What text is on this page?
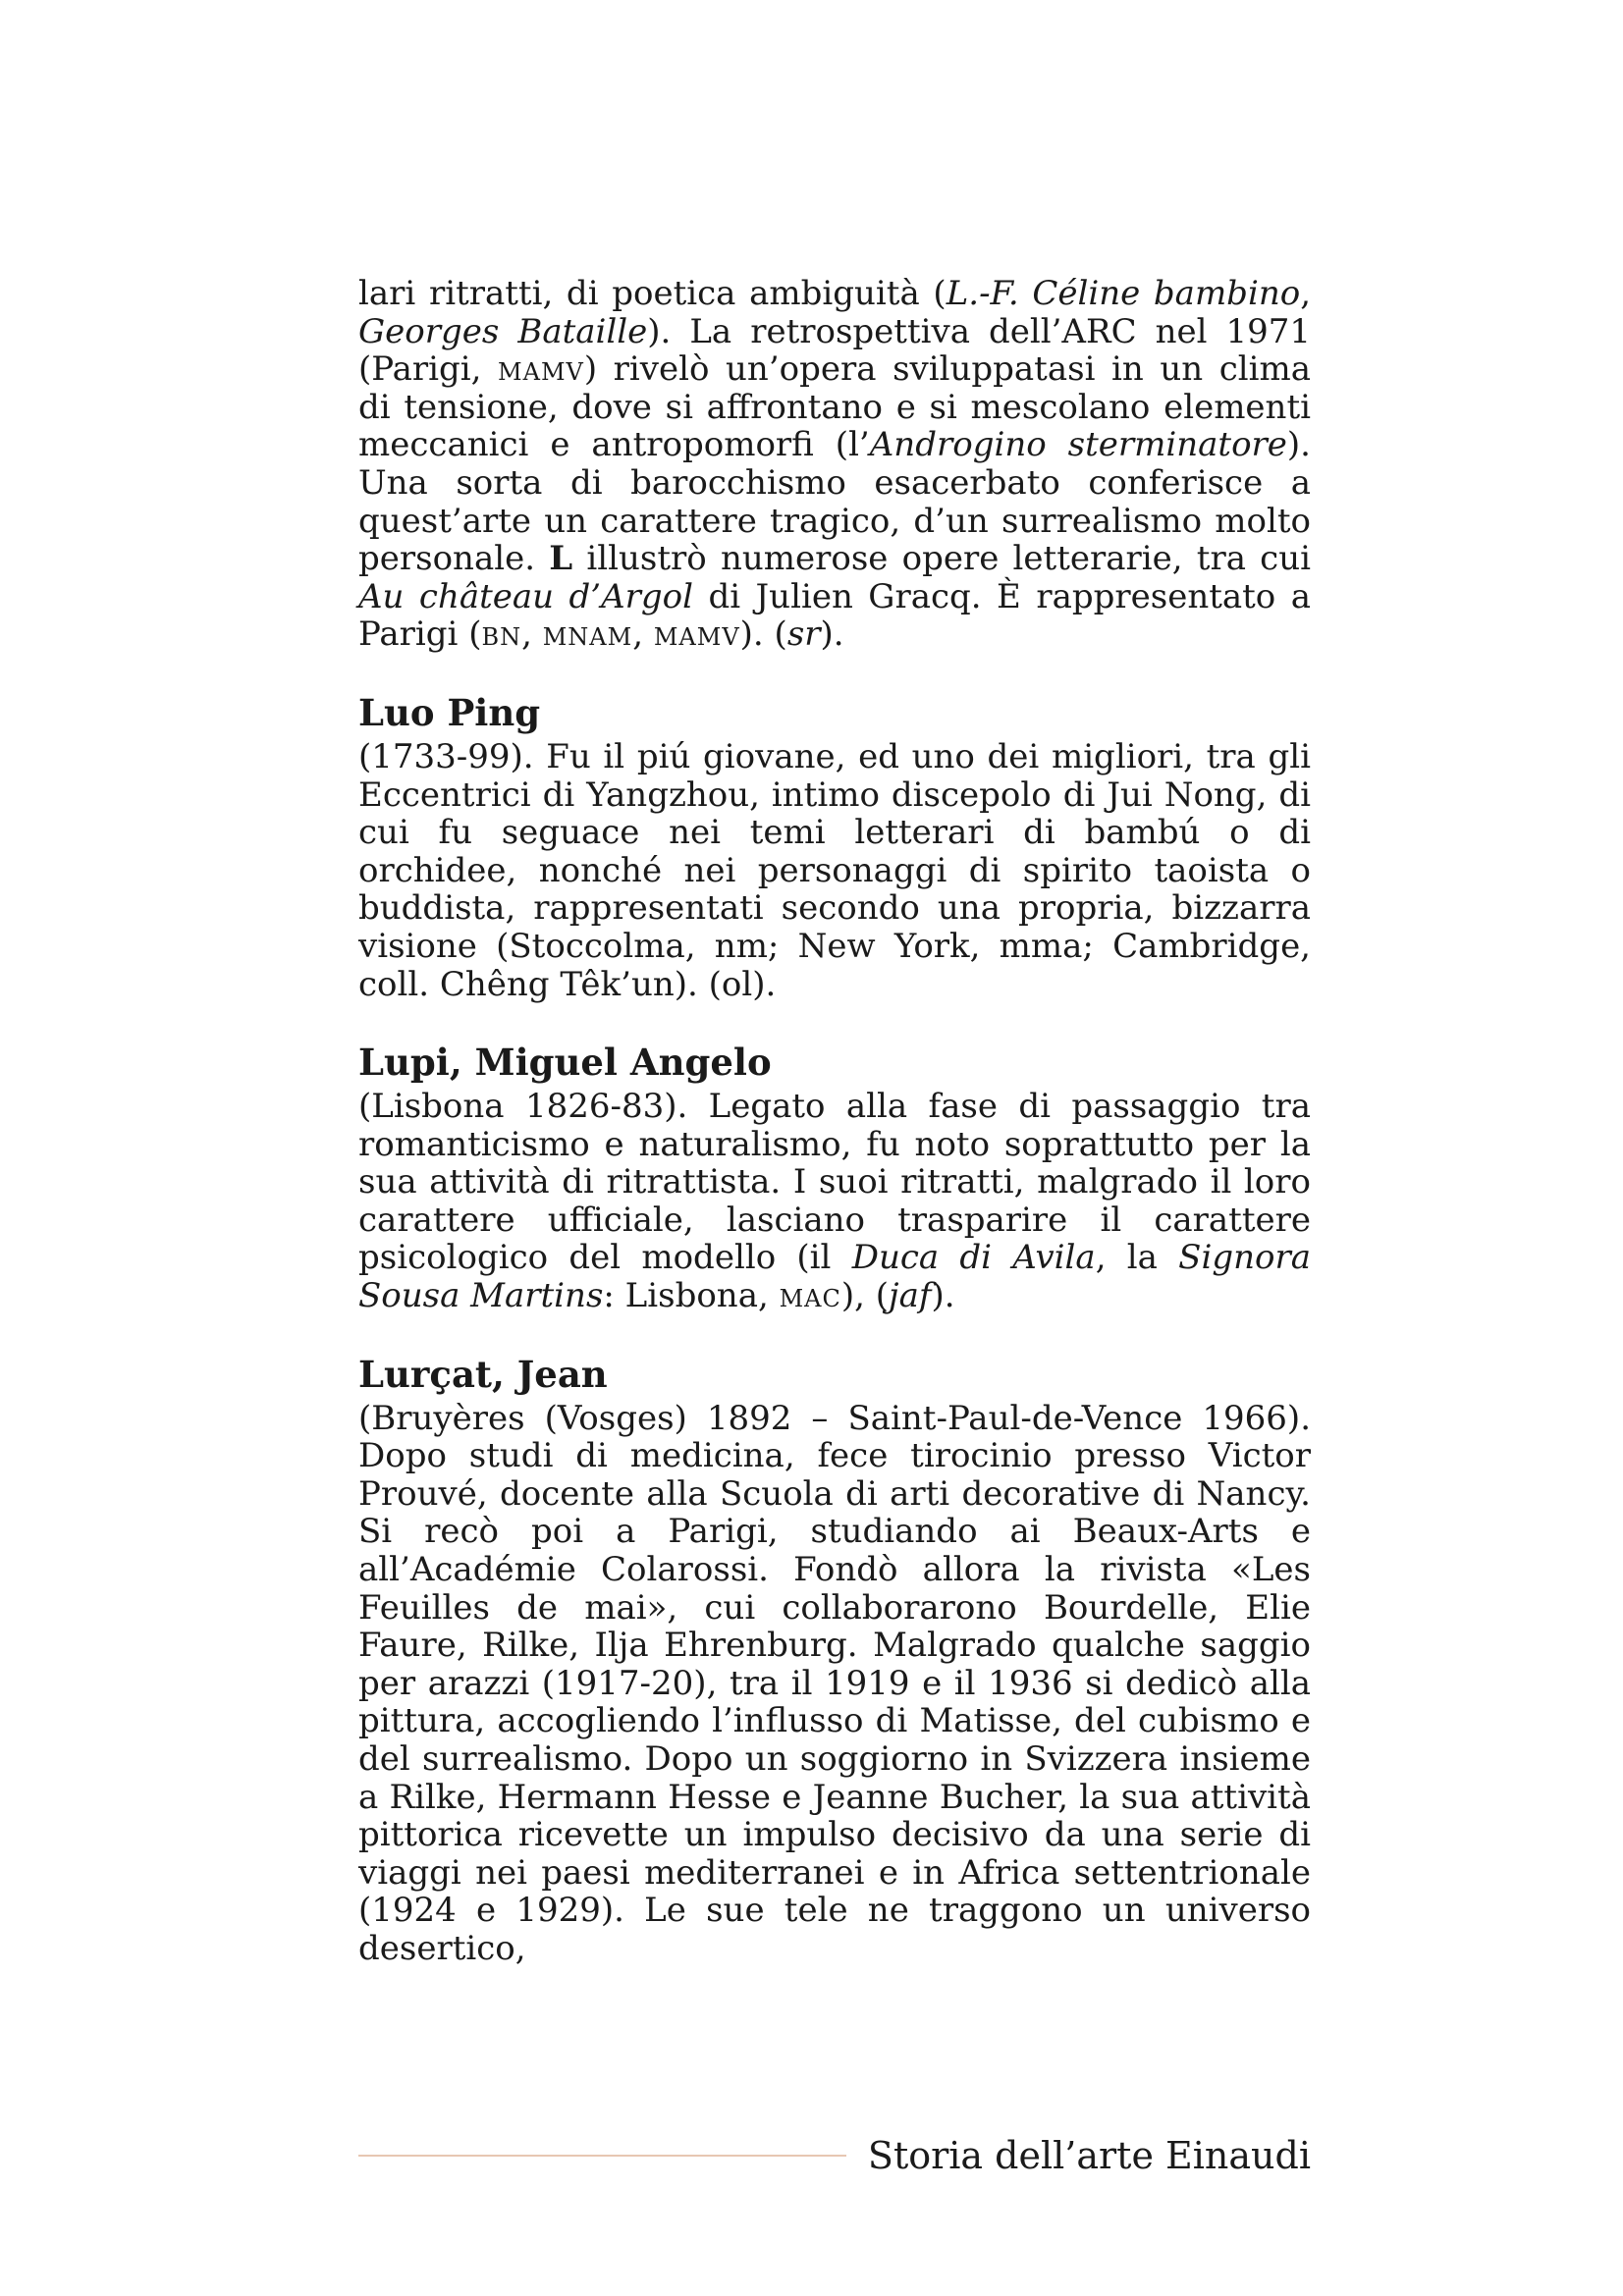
lari ritratti, di poetica ambiguità (L.-F. Céline bambino, Georges Bataille). La retrospettiva dell’ARC nel 1971 (Parigi, mamv) rivelò un’opera sviluppatasi in un clima di tensione, dove si affrontano e si mescolano elementi meccanici e antropomorfi (l’Androgino sterminatore). Una sorta di barocchismo esacerbato conferisce a quest’arte un carattere tragico, d’un surrealismo molto personale. L illustrò numerose opere letterarie, tra cui Au château d’Argol di Julien Gracq. È rappresentato a Parigi (bn, mnam, mamv). (sr).

Luo Ping

(1733-99). Fu il piú giovane, ed uno dei migliori, tra gli Eccentrici di Yangzhou, intimo discepolo di Jui Nong, di cui fu seguace nei temi letterari di bambú o di orchidee, nonché nei personaggi di spirito taoista o buddista, rappresentati secondo una propria, bizzarra visione (Stoccolma, nm; New York, mma; Cambridge, coll. Chêng Têk’un). (ol).

Lupi, Miguel Angelo

(Lisbona 1826-83). Legato alla fase di passaggio tra romanticismo e naturalismo, fu noto soprattutto per la sua attività di ritrattista. I suoi ritratti, malgrado il loro carattere ufficiale, lasciano trasparire il carattere psicologico del modello (il Duca di Avila, la Signora Sousa Martins: Lisbona, mac), (jaf).

Lurçat, Jean

(Bruyères (Vosges) 1892 – Saint-Paul-de-Vence 1966). Dopo studi di medicina, fece tirocinio presso Victor Prouvé, docente alla Scuola di arti decorative di Nancy. Si recò poi a Parigi, studiando ai Beaux-Arts e all’Académie Colarossi. Fondò allora la rivista «Les Feuilles de mai», cui collaborarono Bourdelle, Elie Faure, Rilke, Ilja Ehrenburg. Malgrado qualche saggio per arazzi (1917-20), tra il 1919 e il 1936 si dedicò alla pittura, accogliendo l’influsso di Matisse, del cubismo e del surrealismo. Dopo un soggiorno in Svizzera insieme a Rilke, Hermann Hesse e Jeanne Bucher, la sua attività pittorica ricevette un impulso decisivo da una serie di viaggi nei paesi mediterranei e in Africa settentrionale (1924 e 1929). Le sue tele ne traggono un universo desertico,

Storia dell’arte Einaudi
